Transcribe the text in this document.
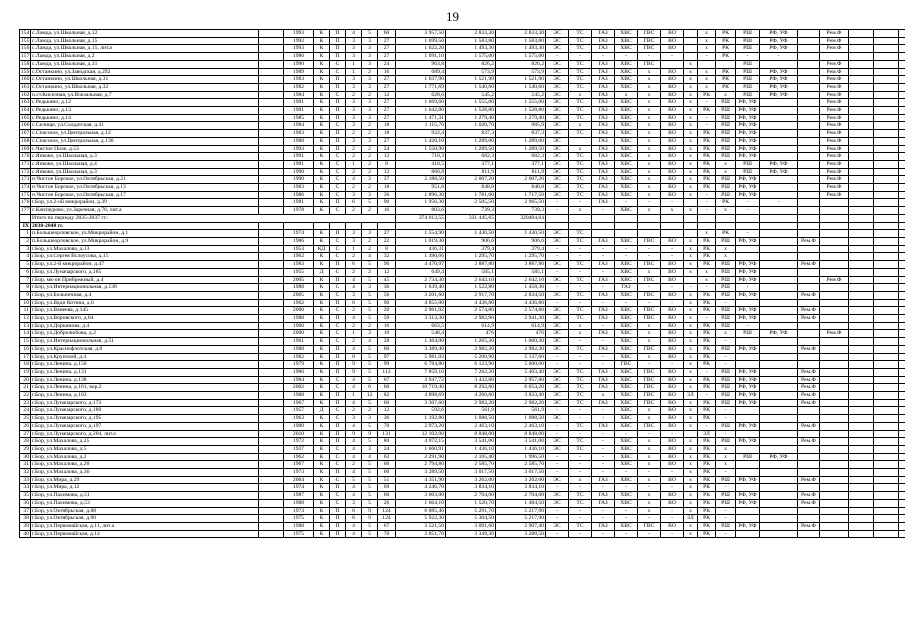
19
154	с.Ламда, ул.Школьная, д.12		1993	К	П	4	5	60	3 957,50	2 833,30	2 833,30	ЭС	ТС	ГАЗ	ХВС	ГВС	ВО		х	РК	РШ	РФ, УФ		Рем.Ф				
155	с.Ламда, ул.Школьная, д.15		1992	К	П	3	3	27	1 699,50	1 583,80	1 583,80	ЭС	ТС	ГАЗ	ХВС	ГВС	ВО		х	РК	РШ	РФ, УФ		Рем.Ф				
156	с.Ламда, ул.Школьная, д.15, лит.а		1993	К	П	3	3	27	1 622,20	1 493,30	1 493,30	ЭС	ТС	ГАЗ	ХВС	ГВС	ВО		х	РК	РШ	РФ, УФ		Рем.Ф				
157	с.Ламда, ул.Школьная, д.2		1986	К	П	3	3	27	1 691,10	1 575,00	1 575,00	-	-	-	-	-	-		-	РК	-	-						
158	с.Ламда, ул.Школьная, д.31		1990	К	С	1	3	24	963,8	826,2	826,2	ЭС	ТС	ГАЗ	ХВС	ГВС		х			РШ			Рем.Ф				
159	с.Останкино, ул.Заводская, д.292		1989	К	С	1	2	16	689,4	573,9	573,9	ЭС	ТС	ГАЗ	ХВС	х	ВО	х	х	РК	РШ	РФ, УФ		Рем.Ф				
160	с.Останкино, ул.Школьная, д.31		1983	К	П	3	3	27	1 637,90	1 521,90	1 521,90	ЭС	ТС	ГАЗ	ХВС	х	ВО	х	х	РК	РШ	РФ, УФ		Рем.Ф				
161	с.Останкино, ул.Школьная, д.32		1982	К	П	3	3	27	1 771,69	1 540,60	1 540,60	ЭС	ТС	ГАЗ	ХВС	х	ВО	х	х	РК	РШ	РФ, УФ		Рем.Ф				
162	п.ст.Киселная, ул.Вокзальная, д.7		1984	К	С	2	2	12	628,6	545,2	545,2	ЭС	х	ГАЗ	х	х	ВО	х	РК	х	РШ	РФ, УФ		Рем.Ф				
163	с.Редькино, д.12		1981	К	П	3	3	27	1 669,60	1 555,00	1 555,00	ЭС	ТС	ГАЗ	ХВС	х	ВО	х	-	РШ	РФ, УФ			Рем.Ф				
164	с.Редькино, д.13		1981	К	П	3	3	27	1 642,80	1 528,80	1 528,80	ЭС	ТС	ГАЗ	ХВС	х	ВО	х	РК	РШ	РФ, УФ			Рем.Ф				
165	с.Редькино, д.14		1985	К	П	3	3	27	1 471,31	1 279,40	1 279,40	ЭС	ТС	ГАЗ	ХВС	х	ВО	х	-	РШ	РФ, УФ			Рем.Ф				
166	с.Селище, ул.Солдатская, д.41		1984	К	С	3	2	18	1 115,70	1 020,70	985,9	ЭС	х	ГАЗ	ХВС	х	ВО	х	-	РШ	РФ, УФ			Рем.Ф				
167	с.Спасское, ул.Центральная, д.12		1983	К	П	2	2	18	922,4	837,3	837,3	ЭС	ТС	ГАЗ	ХВС	х	ВО	х	РК	РШ	РФ, УФ			Рем.Ф				
168	с.Спасское, ул.Центральная, д.130		1988	К	П	3	3	27	1 420,10	1 289,00	1 289,00	ЭС		ГАЗ	ХВС	х	ВО	х	РК	РШ	РФ, УФ			Рем.Ф				
169	с.Чистое Поле, д.53		1993	К	П	2	2	24	1 550,90	1 289,50	1 289,50	ЭС	х	ГАЗ	ХВС	х	ВО	х	РК	РШ	РФ, УФ			Рем.Ф				
170	с.Янково, ул.Школьная, д.3		1991	К	С	2	2	12	710,3	682,3	682,3	ЭС	ТС	ГАЗ	ХВС	х	ВО	х	РК	РШ	РФ, УФ			Рем.Ф				
171	с.Янково, ул.Школьная, д.4		1981	К	С	1	2	8	410,5	377,1	377,1	ЭС	ТС	ГАЗ	ХВС	х	ВО	х	РК	х	РШ	РФ, УФ		Рем.Ф				
172	с.Янково, ул.Школьная, д.3		1990	К	С	2	2	12	860,8	811,9	811,9	ЭС	ТС	ГАЗ	ХВС	х	ВО	х	РК	х	РШ	РФ, УФ		Рем.Ф				
173	п.Чистое Борское, ул.Октябрьская, д.21		1990	К	С	4	3	37	2 188,50	2 007,20	2 007,20	ЭС	ТС	ГАЗ	ХВС	х	ВО	х	РК	РШ	РФ, УФ			Рем.Ф				
174	п.Чистое Борское, ул.Октябрьская, д.13		1983	К	С	2	2	18	951,8	848,8	848,8	ЭС	ТС	ГАЗ	ХВС	х	ВО	х	РК	РШ	РФ, УФ			Рем.Ф				
175	п.Чистое Борское, ул.Октябрьская, д.17		1986	К	С	3	3	36	1 896,30	1 781,60	1 717,50	ЭС	ТС	ГАЗ	ХВС	х	ВО	х	-	РШ	РФ, УФ			Рем.Ф				
176	г.Бор, ул.2-ой микрорайон, д.39		1981	К	П	6	5	90	1 956,30	2 505,50	2 965,50	-	-	ГАЗ	-	-	-		-	РК	-	-						
177	с.Кантаурово, ул.Заречная, д.76, лит.а		1978	К	С	2	2	16	803,6	739,3	739,3	-	х	-	ХВС	х	х	х	-	х	-							
	Итого по периоду 2035-2037 гг.:								374 013,55	331 445,65	320404,64																	
IX	2038-2040 гг.																											
1	п.Большеорловское, ул.Микрорайон, д.1		1974	К	П	3	3	27	1 554,90	1 430,50	1 430,50	ЭС	ТС						х	РК	-							
2	п.Большеорловское, ул.Микрорайон, д.9		1986	К	С	3	2	22	1 019,30	906,6	906,6	ЭС	ТС	ГАЗ	ХВС	ГВС	ВО	х	РК	РШ	РФ, УФ		Рем.Ф					
3	г.Бор, ул.Махалова, д.13		1953	КД	С	1	2	8	436,31	379,4	379,4	-	-	-	-	-	-	х	РК	х								
4	г.Бор, ул.Сергея Вслоусова, д.15		1962	К	С	2	4	32	1 490,66	1 295,70	1 295,70	-	-	-	-	-	-	х	РК	х								
5	г.Бор, ул.2-й микрорайон, д.47		1983	К	П	6	5	90	4 470,97	3 887,80	3 887,80	ЭС	ТС	ГАЗ	ХВС	ГВС	ВО	х	РК	РШ	РФ, УФ		Рем.Ф					
6	г.Бор, ул.Луначарского, д.185		1955	Д	С	2	2	12	649,4	585,1	585,1	-	-	-	ХВС	х	ВО	х	х	РШ	РФ, УФ							
7	г.Бор, мк-он Прибрежный, д.4		2005	К	П	4	5	45	2 734,30	2 642,10	2 642,10	ЭС	ТС	ГАЗ	ХВС	ГВС	ВО		х	РШ	РФ, УФ			Рем.Ф				
8	г.Бор, ул.Интернациональная, д.138		1988	К	С	4	3	36	1 639,40	1 522,80	1 458,30	-	-	-	ГАЗ	-	-	-	-	РШ	-							
9	г.Бор, ул.Больничная, д.4		2005	К	С	3	5	56	3 201,60	2 917,70	2 834,50	ЭС	ТС	ГАЗ	ХВС	ГВС	ВО	х	РК	РШ	РФ, УФ		Рем.Ф					
10	г.Бор, ул.Вади Котина, д.6		1962	К	П	6	5	90	4 855,00	4 436,80	4 436,80	-	-	-	-	-	-	х	РК	-								
11	г.Бор, ул.Ванеева, д.145		2000	К	С	2	5	20	2 961,02	2 574,80	2 574,80	ЭС	ТС	ГАЗ	ХВС	ГВС	ВО	х	РК	РШ	РФ, УФ		Рем.Ф					
12	г.Бор, ул.Воровского, д.64		1988	К	П	4	5	59	3 313,30	2 982,90	2 941,30	ЭС	ТС	ГАЗ	ХВС	ГВС	ВО	х	-	РШ	РФ, УФ		Рем.Ф					
13	г.Бор, ул.Доркинова, д.4		1960	К	С	2	2	16	663,5	614,9	614,9	ЭС	х	-	ХВС	х	ВО	х	РК	РШ	-							
14	г.Бор, ул.Добролюбова, д.2		2000	К	С	1	3	10	548,4	476	476	ЭС	х	ГАЗ	ХВС	х	ВО	х	РК	х	РШ	РФ, УФ		Рем.Ф				
15	г.Бор, ул.Интернациональная, д.51		1961	К	С	2	4	28	1 364,00	1 265,30	1 060,30	ЭС	-	-	ХВС	х	ВО	х	РК	-								
16	г.Бор, ул.Краснофлотская, д.8		1988	К	П	4	5	60	3 389,40	2 982,30	2 982,30	ЭС	ТС	ГАЗ	ХВС	ГВС	ВО	х	РК	РШ	РФ, УФ		Рем.Ф					
17	г.Бор, ул.Крупской, д.4		1982	К	П	8	5	97	5 981,03	5 200,90	5 137,60	-	-	-	ХВС	х	ВО	х	РК	-								
18	г.Бор, ул.Ленина, д.150		1979	К	П	9	5	99	6 784,80	6 123,90	5 600,00	-	-	-	ГВС	-	-	х	РК	-								
19	г.Бор, ул.Ленина, д.131		1986	К	П	9	5	113	7 859,10	7 262,20	5 403,40	ЭС	ТС	ГАЗ	ХВС	ГВС	ВО	х	-	РШ	РФ, УФ		Рем.Ф					
20	г.Бор, ул.Ленина, д.138		1984	К	С	4	5	67	3 947,72	3 432,80	2 957,80	ЭС	ТС	ГАЗ	ХВС	ГВС	ВО	х	РК	РШ	РФ, УФ		Рем.Ф					
21	г.Бор, ул.Ленина, д.161, кор.2		2002	К	С	4	6	60	10 719,40	8 292,60	6 053,20	ЭС	ТС	ГАЗ	ХВС	ГВС	ВО	х	РК	РШ	РФ, УФ		Рем.Ф					
22	г.Бор, ул.Ленина, д.163		1988	К	П	1	12	82	4 898,69	4 260,60	3 833,40	ЭС	ТС	х	ХВС	ГВС	ВО	3Л	-	РШ	РФ, УФ		Рем.Ф					
23	г.Бор, ул.Луначарского, д.173		1967	К	П	4	5	60	3 307,60	2 982,20	2 982,20	ЭС	ТС	ГАЗ	ХВС	ГВС	ВО	х	РК	РШ	РФ, УФ		Рем.Ф					
24	г.Бор, ул.Луначарского, д.189		1957	Д	С	2	2	12	592,6	561,9	561,9	-	-	-	ХВС	х	ВО	х	РК	-								
25	г.Бор, ул.Луначарского, д.195		1963	К	С	3	3	36	1 192,80	1 088,50	1 088,50	ЭС	-	-	ХВС	х	ВО	х	РК	-								
26	г.Бор, ул.Луначарского, д.197		1988	К	П	4	5	70	2 973,20	2 463,10	2 463,10	-	ТС	ГАЗ	ХВС	ГВС	ВО	х	-	РШ	РФ, УФ		Рем.Ф					
27	г.Бор, ул.Луначарского, д.204, лит.а		2010	К	П	9	9	131	12 102,00	8 848,00	8 848,00	-	-	-	-	-	-		3Л	-								
28	г.Бор, ул.Махалова, д.25		1972	К	П	4	5	80	4 072,15	3 541,00	3 541,00	ЭС	ТС	-	ХВС	х	ВО	х	РК	РШ	РФ, УФ		Рем.Ф					
29	г.Бор, ул.Махалова, д.5		1937	К	С	4	3	24	1 660,91	1 436,10	1 436,10	ЭС	ТС	-	ХВС	х	ВО	х	РК	х								
30	г.Бор, ул.Махалова, д.2		1962	К	С	4	4	62	2 291,90	2 105,40	1 996,50	-	-	-	ХВС	х	ВО	х	РК	х	РШ	РФ, УФ						
31	г.Бор, ул.Махалова, д.20		1967	К	С	2	5	60	2 794,80	2 585,70	2 585,70	-	-	-	ХВС	х	ВО	х	РК	х								
32	г.Бор, ул.Махалова, д.36		1973	К	П	4	5	60	3 289,50	3 017,50	3 017,50	-	-	-	-	-	-	х	РК	-								
33	г.Бор, ул.Мира, д.29		2004	К	С	5	5	51	4 351,90	3 262,00	3 262,00	ЭС	х	ГАЗ	ХВС	х	ВО	х	РК	РШ	РФ, УФ		Рем.Ф					
34	г.Бор, ул.Мира, д.12		1974	К	П	4	5	69	4 246,70	3 834,10	3 834,10	-	-	-	-	-	-	х	РК	-								
35	г.Бор, ул.Пахимова, д.51		1987	К	С	4	5	60	3 003,00	2 704,00	2 704,00	ЭС	ТС	ГАЗ	ХВС	х	ВО	х	РК	РШ	РФ, УФ		Рем.Ф					
36	г.Бор, ул.Пахимова, д.53		1988	К	С	3	5	26	1 664,10	1 520,70	1 484,50	ЭС	ТС	ГАЗ	ХВС	х	ВО	х	РК	РШ	РФ, УФ		Рем.Ф					
37	г.Бор, ул.Октябрьская, д.88		1973	К	П	6	9	124	6 085,46	5 291,70	5 217,90	-	-	-	-	х	-	х	РК	-								
38	г.Бор, ул.Октябрьская, д.90		1975	К	П	6	9	124	5 922,30	5 304,50	5 217,90	-	-	-	-	-	-	3Л	РК	-								
39	г.Бор, ул.Первомайская, д.11, лит.а		1988	К	П	4	5	67	3 521,50	3 091,60	2 907,40	ЭС	ТС	ГАЗ	ХВС	ГВС	ВО	х	РК	РШ	РФ, УФ		Рем.Ф					
40	г.Бор, ул.Первомайская, д.14		1975	К	П	4	5	70	3 851,70	3 349,30	3 288,50	-	-	-	-	-	-	х	РК	-								
